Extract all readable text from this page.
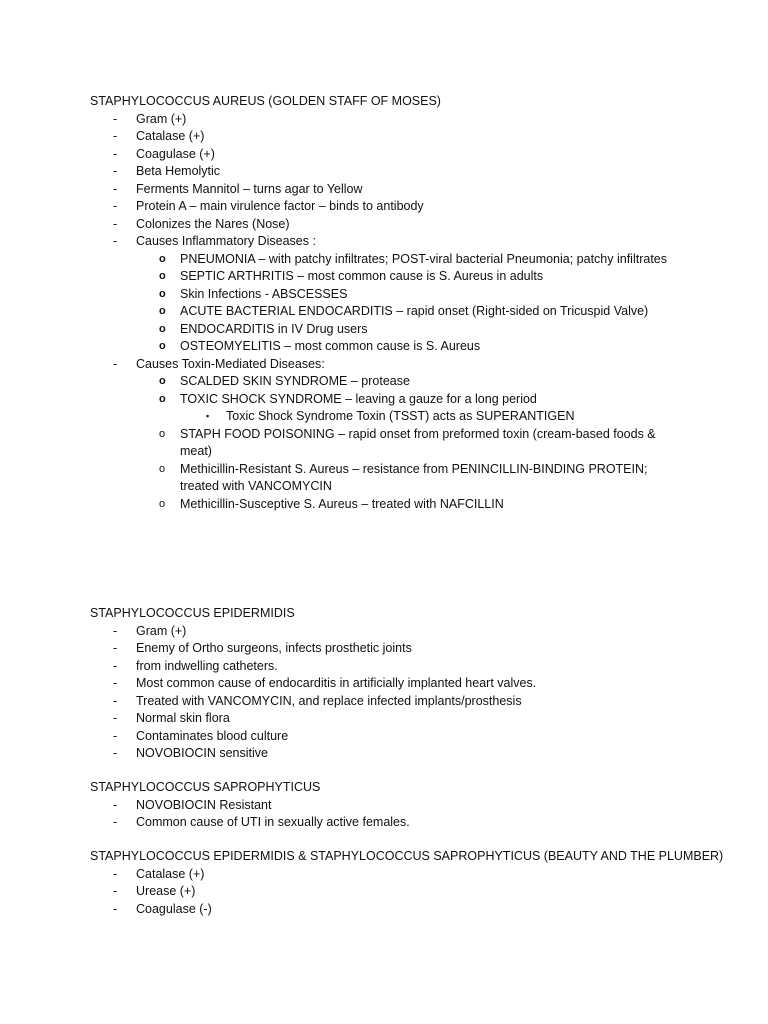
STAPHYLOCOCCUS AUREUS (GOLDEN STAFF OF MOSES)
- Gram (+)
- Catalase (+)
- Coagulase (+)
- Beta Hemolytic
- Ferments Mannitol – turns agar to Yellow
- Protein A – main virulence factor – binds to antibody
- Colonizes the Nares (Nose)
- Causes Inflammatory Diseases :
o PNEUMONIA – with patchy infiltrates; POST-viral bacterial Pneumonia; patchy infiltrates
o SEPTIC ARTHRITIS – most common cause is S. Aureus in adults
o Skin Infections - ABSCESSES
o ACUTE BACTERIAL ENDOCARDITIS – rapid onset (Right-sided on Tricuspid Valve)
o ENDOCARDITIS in IV Drug users
o OSTEOMYELITIS – most common cause is S. Aureus
- Causes Toxin-Mediated Diseases:
o SCALDED SKIN SYNDROME – protease
o TOXIC SHOCK SYNDROME – leaving a gauze for a long period
▪ Toxic Shock Syndrome Toxin (TSST) acts as SUPERANTIGEN
o STAPH FOOD POISONING – rapid onset from preformed toxin (cream-based foods & meat)
o Methicillin-Resistant S. Aureus – resistance from PENINCILLIN-BINDING PROTEIN; treated with VANCOMYCIN
o Methicillin-Susceptive S. Aureus – treated with NAFCILLIN
STAPHYLOCOCCUS EPIDERMIDIS
- Gram (+)
- Enemy of Ortho surgeons, infects prosthetic joints
- from indwelling catheters.
- Most common cause of endocarditis in artificially implanted heart valves.
- Treated with VANCOMYCIN, and replace infected implants/prosthesis
- Normal skin flora
- Contaminates blood culture
- NOVOBIOCIN sensitive
STAPHYLOCOCCUS SAPROPHYTICUS
- NOVOBIOCIN Resistant
- Common cause of UTI in sexually active females.
STAPHYLOCOCCUS EPIDERMIDIS & STAPHYLOCOCCUS SAPROPHYTICUS (BEAUTY AND THE PLUMBER)
- Catalase (+)
- Urease (+)
- Coagulase (-)
